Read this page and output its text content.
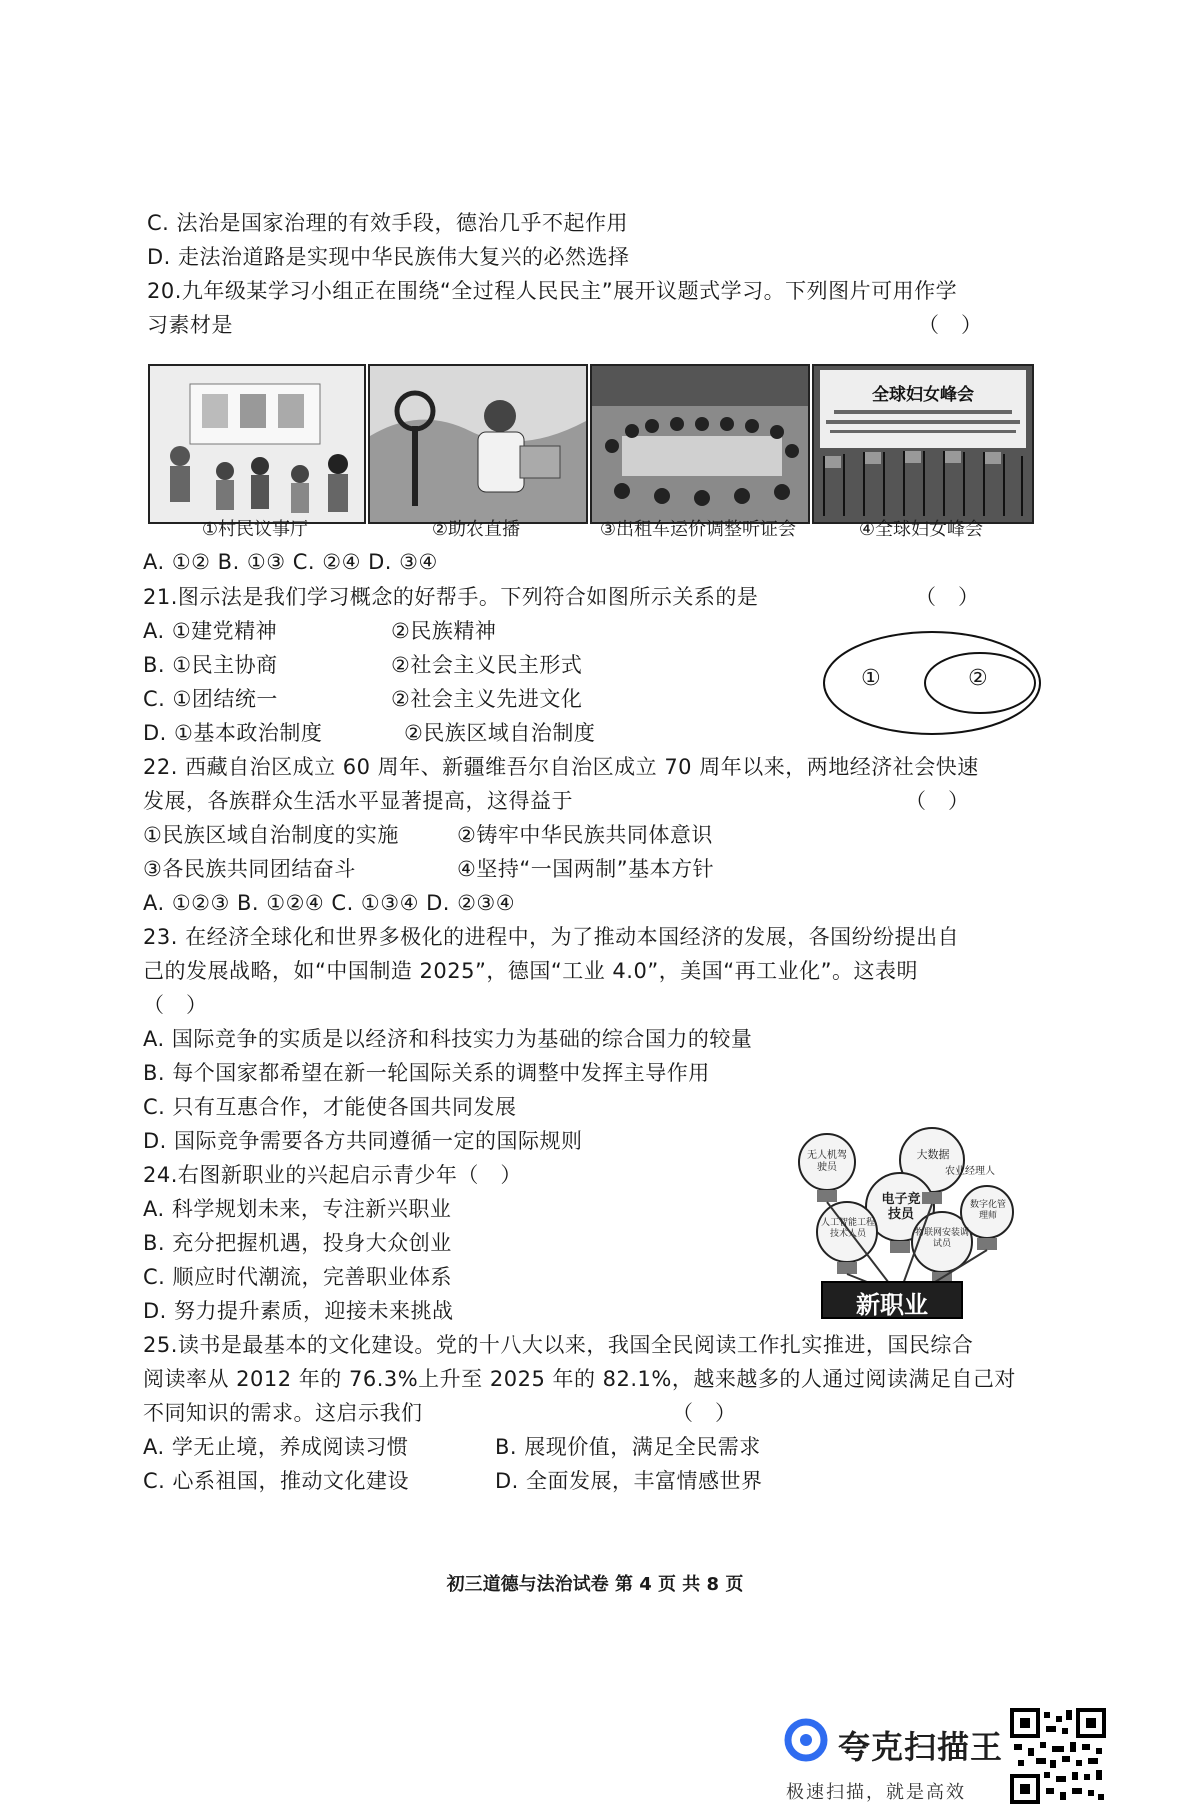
C. 法治是国家治理的有效手段，德治几乎不起作用
D. 走法治道路是实现中华民族伟大复兴的必然选择
20.九年级某学习小组正在围绕“全过程人民民主”展开议题式学习。下列图片可用作学
习素材是	（　）
全球妇女峰会
①村民议事厅	②助农直播	③出租车运价调整听证会	④全球妇女峰会
A. ①② B. ①③ C. ②④ D. ③④
21.图示法是我们学习概念的好帮手。下列符合如图所示关系的是	（　）
A. ①建党精神	②民族精神
B. ①民主协商	②社会主义民主形式
C. ①团结统一	②社会主义先进文化
D. ①基本政治制度	②民族区域自治制度
①	②
22. 西藏自治区成立 60 周年、新疆维吾尔自治区成立 70 周年以来，两地经济社会快速
发展，各族群众生活水平显著提高，这得益于	（　）
①民族区域自治制度的实施	②铸牢中华民族共同体意识
③各民族共同团结奋斗	④坚持“一国两制”基本方针
A. ①②③ B. ①②④ C. ①③④ D. ②③④
23. 在经济全球化和世界多极化的进程中，为了推动本国经济的发展，各国纷纷提出自
己的发展战略，如“中国制造 2025”，德国“工业 4.0”，美国“再工业化”。这表明
（　）
A. 国际竞争的实质是以经济和科技实力为基础的综合国力的较量
B. 每个国家都希望在新一轮国际关系的调整中发挥主导作用
C. 只有互惠合作，才能使各国共同发展
D. 国际竞争需要各方共同遵循一定的国际规则
24.右图新职业的兴起启示青少年（　）
A. 科学规划未来，专注新兴职业
B. 充分把握机遇，投身大众创业
C. 顺应时代潮流，完善职业体系
D. 努力提升素质，迎接未来挑战
无人机驾驶员
大数据
农业经理人
电子竞技员
人工智能工程技术人员	物联网安装调试员
数字化管理师
新职业
25.读书是最基本的文化建设。党的十八大以来，我国全民阅读工作扎实推进，国民综合
阅读率从 2012 年的 76.3%上升至 2025 年的 82.1%，越来越多的人通过阅读满足自己对
不同知识的需求。这启示我们	（　）
A. 学无止境，养成阅读习惯	B. 展现价值，满足全民需求
C. 心系祖国，推动文化建设	D. 全面发展，丰富情感世界
初三道德与法治试卷 第 4 页 共 8 页
夸克扫描王
极速扫描，就是高效
